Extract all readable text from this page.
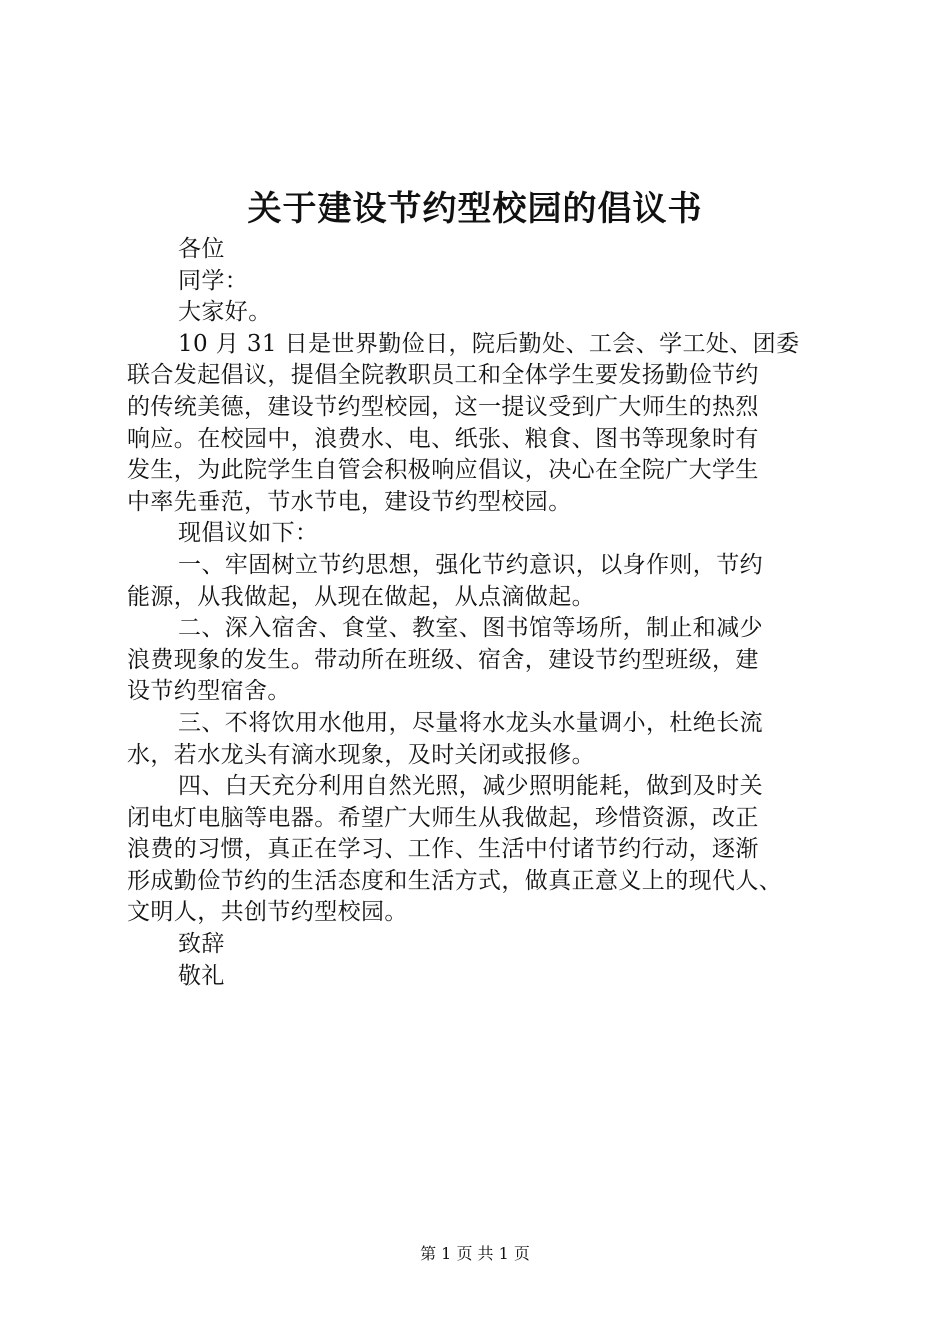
关于建设节约型校园的倡议书
各位
同学：
大家好。
10 月 31 日是世界勤俭日，院后勤处、工会、学工处、团委
联合发起倡议，提倡全院教职员工和全体学生要发扬勤俭节约
的传统美德，建设节约型校园，这一提议受到广大师生的热烈
响应。在校园中，浪费水、电、纸张、粮食、图书等现象时有
发生，为此院学生自管会积极响应倡议，决心在全院广大学生
中率先垂范，节水节电，建设节约型校园。
现倡议如下：
一、牢固树立节约思想，强化节约意识，以身作则，节约
能源，从我做起，从现在做起，从点滴做起。
二、深入宿舍、食堂、教室、图书馆等场所，制止和减少
浪费现象的发生。带动所在班级、宿舍，建设节约型班级，建
设节约型宿舍。
三、不将饮用水他用，尽量将水龙头水量调小，杜绝长流
水，若水龙头有滴水现象，及时关闭或报修。
四、白天充分利用自然光照，减少照明能耗，做到及时关
闭电灯电脑等电器。希望广大师生从我做起，珍惜资源，改正
浪费的习惯，真正在学习、工作、生活中付诸节约行动，逐渐
形成勤俭节约的生活态度和生活方式，做真正意义上的现代人、
文明人，共创节约型校园。
致辞
敬礼
第 1 页 共 1 页
